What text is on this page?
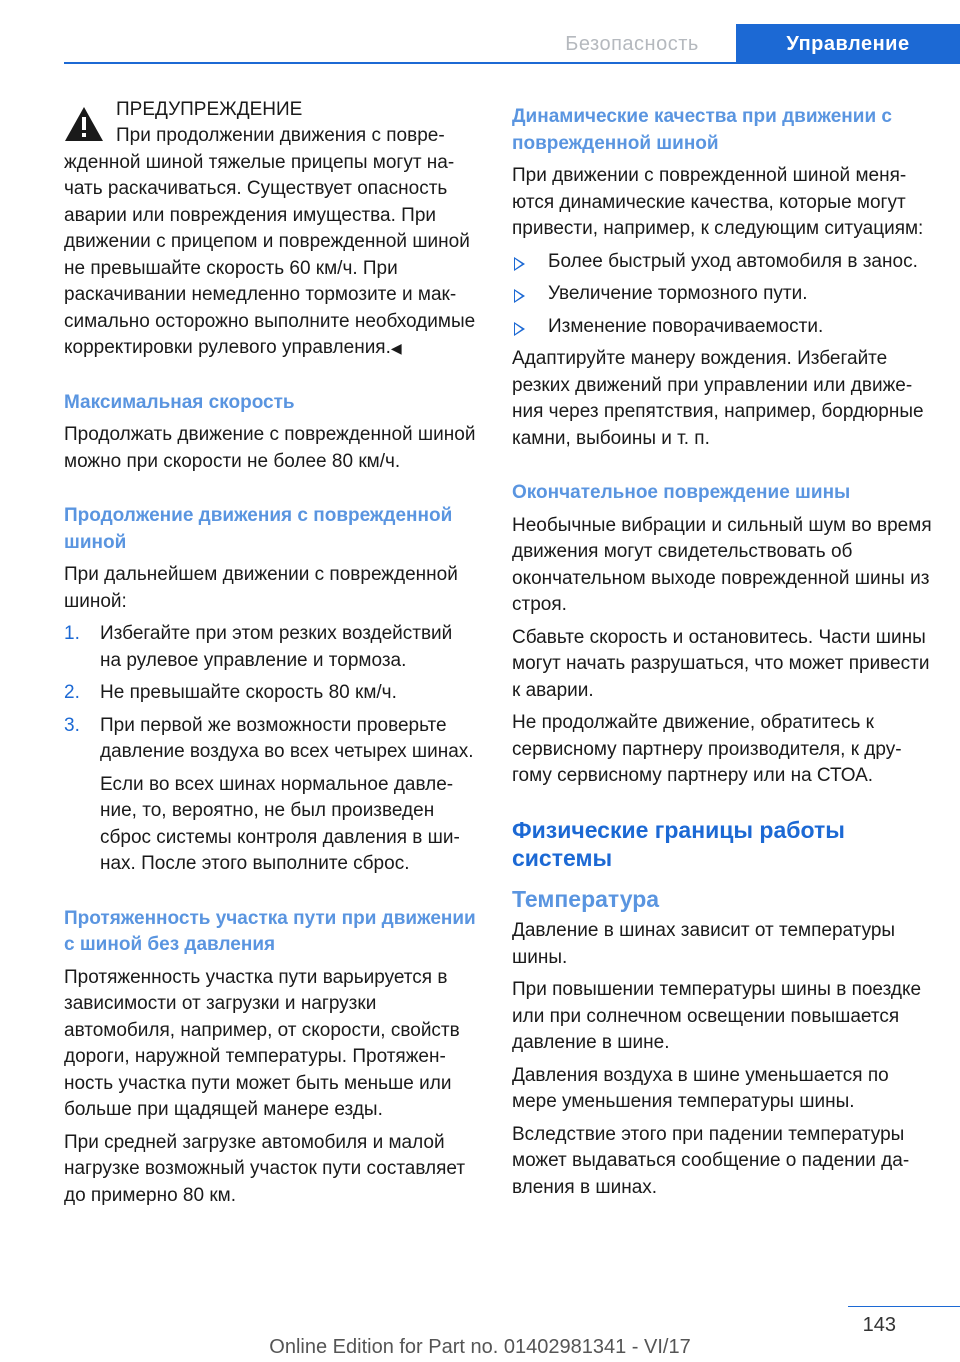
Безопасность	Управление

ПРЕДУПРЕЖДЕНИЕ

При продолжении движения с поврежденной шиной тяжелые прицепы могут начать раскачиваться. Существует опасность аварии или повреждения имущества. При движении с прицепом и поврежденной шиной не превышайте скорость 60 км/ч. При раскачивании немедленно тормозите и максимально осторожно выполните необходимые корректировки рулевого управления.◀

Максимальная скорость

Продолжать движение с поврежденной шиной можно при скорости не более 80 км/ч.

Продолжение движения с поврежденной шиной

При дальнейшем движении с поврежденной шиной:

1. Избегайте при этом резких воздействий на рулевое управление и тормоза.
2. Не превышайте скорость 80 км/ч.
3. При первой же возможности проверьте давление воздуха во всех четырех шинах.

Если во всех шинах нормальное давление, то, вероятно, не был произведен сброс системы контроля давления в шинах. После этого выполните сброс.

Протяженность участка пути при движении с шиной без давления

Протяженность участка пути варьируется в зависимости от загрузки и нагрузки автомобиля, например, от скорости, свойств дороги, наружной температуры. Протяженность участка пути может быть меньше или больше при щадящей манере езды.

При средней загрузке автомобиля и малой нагрузке возможный участок пути составляет до примерно 80 км.

Динамические качества при движении с поврежденной шиной

При движении с поврежденной шиной меняются динамические качества, которые могут привести, например, к следующим ситуациям:

Более быстрый уход автомобиля в занос.
Увеличение тормозного пути.
Изменение поворачиваемости.

Адаптируйте манеру вождения. Избегайте резких движений при управлении или движения через препятствия, например, бордюрные камни, выбоины и т. п.

Окончательное повреждение шины

Необычные вибрации и сильный шум во время движения могут свидетельствовать об окончательном выходе поврежденной шины из строя.

Сбавьте скорость и остановитесь. Части шины могут начать разрушаться, что может привести к аварии.

Не продолжайте движение, обратитесь к сервисному партнеру производителя, к другому сервисному партнеру или на СТОА.

Физические границы работы системы
Температура

Давление в шинах зависит от температуры шины.

При повышении температуры шины в поездке или при солнечном освещении повышается давление в шине.

Давления воздуха в шине уменьшается по мере уменьшения температуры шины.

Вследствие этого при падении температуры может выдаваться сообщение о падении давления в шинах.

143
Online Edition for Part no. 01402981341 - VI/17
